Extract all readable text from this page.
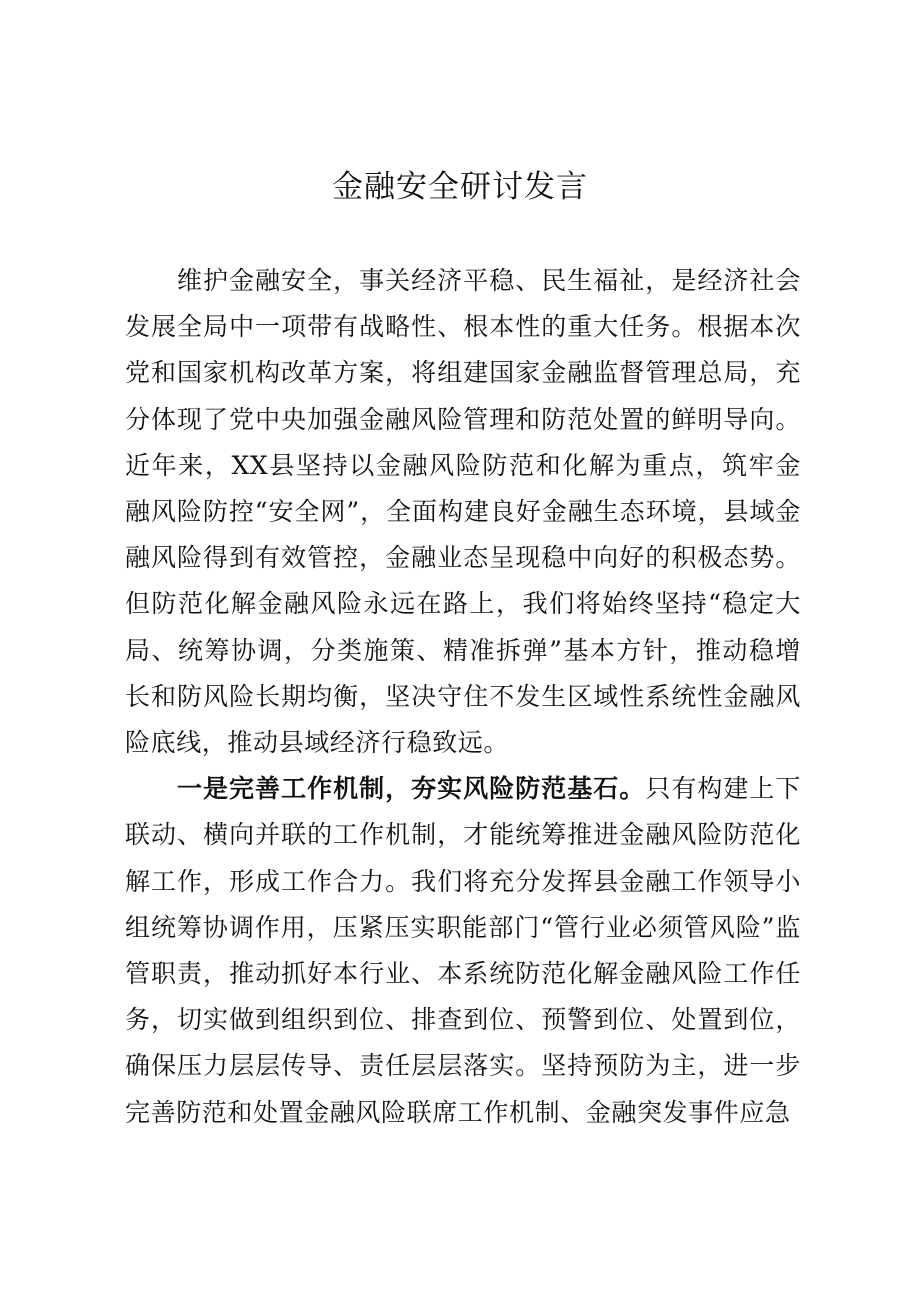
金融安全研讨发言

维护金融安全，事关经济平稳、民生福祉，是经济社会发展全局中一项带有战略性、根本性的重大任务。根据本次党和国家机构改革方案，将组建国家金融监督管理总局，充分体现了党中央加强金融风险管理和防范处置的鲜明导向。近年来，XX县坚持以金融风险防范和化解为重点，筑牢金融风险防控“安全网”，全面构建良好金融生态环境，县域金融风险得到有效管控，金融业态呈现稳中向好的积极态势。但防范化解金融风险永远在路上，我们将始终坚持“稳定大局、统筹协调，分类施策、精准拆弹”基本方针，推动稳增长和防风险长期均衡，坚决守住不发生区域性系统性金融风险底线，推动县域经济行稳致远。

一是完善工作机制，夯实风险防范基石。只有构建上下联动、横向并联的工作机制，才能统筹推进金融风险防范化解工作，形成工作合力。我们将充分发挥县金融工作领导小组统筹协调作用，压紧压实职能部门“管行业必须管风险”监管职责，推动抓好本行业、本系统防范化解金融风险工作任务，切实做到组织到位、排查到位、预警到位、处置到位，确保压力层层传导、责任层层落实。坚持预防为主，进一步完善防范和处置金融风险联席工作机制、金融突发事件应急
